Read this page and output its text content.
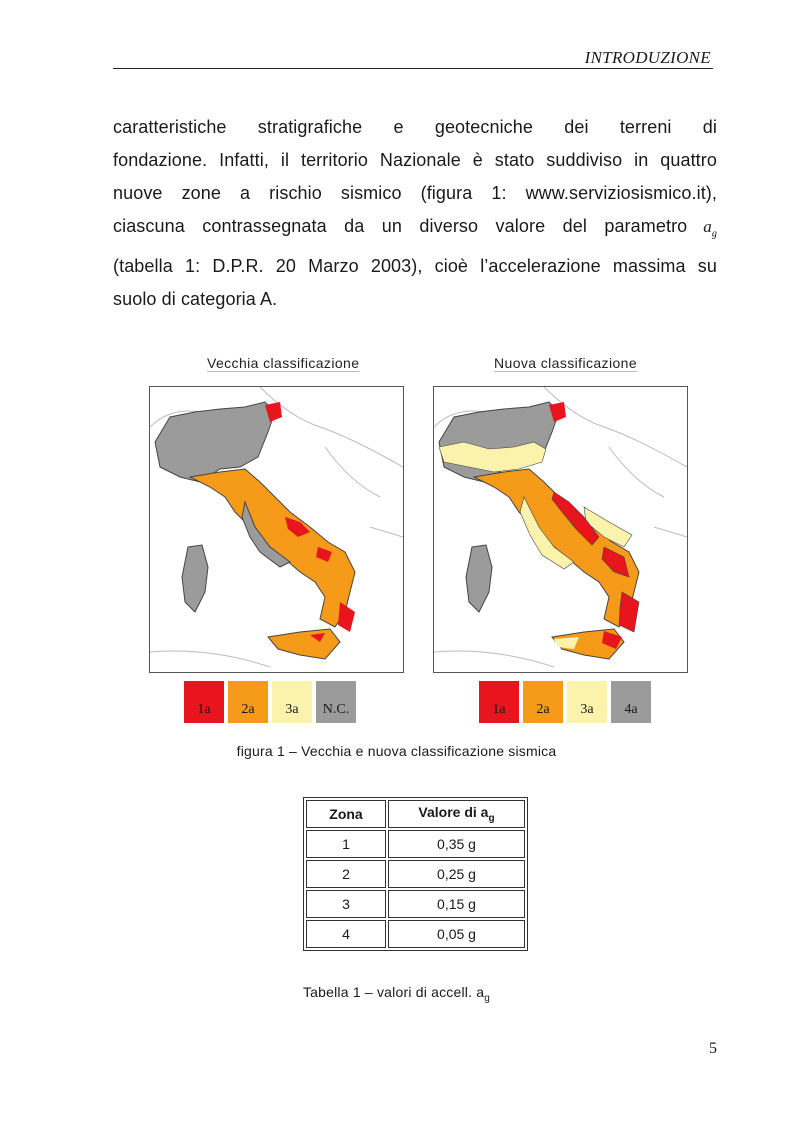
INTRODUZIONE
caratteristiche stratigrafiche e geotecniche dei terreni di
fondazione. Infatti, il territorio Nazionale è stato suddiviso in quattro
nuove zone a rischio sismico (figura 1: www.serviziosismico.it),
ciascuna contrassegnata da un diverso valore del parametro $a_g$
(tabella 1: D.P.R. 20 Marzo 2003), cioè l’accelerazione massima su
suolo di categoria A.
Vecchia classificazione	Nuova classificazione
1a	2a	3a	N.C.	1a	2a	3a	4a
figura 1 – Vecchia e nuova classificazione sismica
Zona	Valore di $a_g$
1	0,35 g
2	0,25 g
3	0,15 g
4	0,05 g
Tabella 1 – valori di accell. $a_g$
5
